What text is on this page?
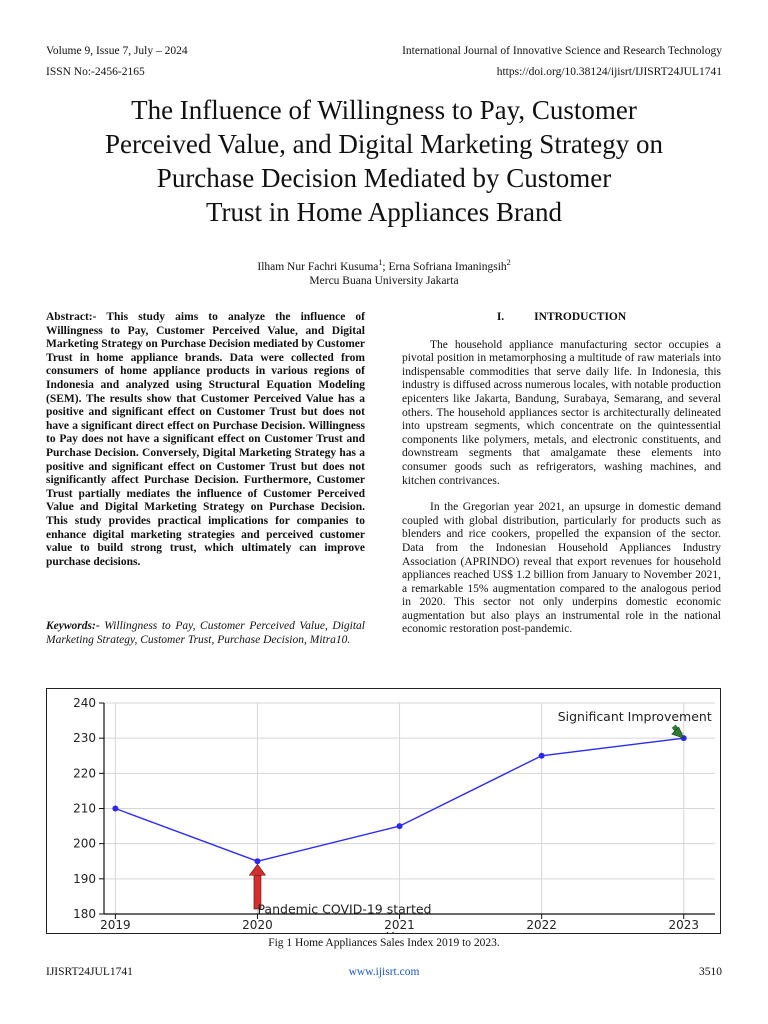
Volume 9, Issue 7, July – 2024	International Journal of Innovative Science and Research Technology
ISSN No:-2456-2165	https://doi.org/10.38124/ijisrt/IJISRT24JUL1741
The Influence of Willingness to Pay, Customer
Perceived Value, and Digital Marketing Strategy on
Purchase Decision Mediated by Customer
Trust in Home Appliances Brand
Ilham Nur Fachri Kusuma$^1$; Erna Sofriana Imaningsih$^2$
Mercu Buana University Jakarta
Abstract:- This study aims to analyze the influence of Willingness to Pay, Customer Perceived Value, and Digital Marketing Strategy on Purchase Decision mediated by Customer Trust in home appliance brands. Data were collected from consumers of home appliance products in various regions of Indonesia and analyzed using Structural Equation Modeling (SEM). The results show that Customer Perceived Value has a positive and significant effect on Customer Trust but does not have a significant direct effect on Purchase Decision. Willingness to Pay does not have a significant effect on Customer Trust and Purchase Decision. Conversely, Digital Marketing Strategy has a positive and significant effect on Customer Trust but does not significantly affect Purchase Decision. Furthermore, Customer Trust partially mediates the influence of Customer Perceived Value and Digital Marketing Strategy on Purchase Decision. This study provides practical implications for companies to enhance digital marketing strategies and perceived customer value to build strong trust, which ultimately can improve purchase decisions.
Keywords:- Willingness to Pay, Customer Perceived Value, Digital Marketing Strategy, Customer Trust, Purchase Decision, Mitra10.
I.	INTRODUCTION

The household appliance manufacturing sector occupies a pivotal position in metamorphosing a multitude of raw materials into indispensable commodities that serve daily life. In Indonesia, this industry is diffused across numerous locales, with notable production epicenters like Jakarta, Bandung, Surabaya, Semarang, and several others. The household appliances sector is architecturally delineated into upstream segments, which concentrate on the quintessential components like polymers, metals, and electronic constituents, and downstream segments that amalgamate these elements into consumer goods such as refrigerators, washing machines, and kitchen contrivances.

In the Gregorian year 2021, an upsurge in domestic demand coupled with global distribution, particularly for products such as blenders and rice cookers, propelled the expansion of the sector. Data from the Indonesian Household Appliances Industry Association (APRINDO) reveal that export revenues for household appliances reached US$ 1.2 billion from January to November 2021, a remarkable 15% augmentation compared to the analogous period in 2020. This sector not only underpins domestic economic augmentation but also plays an instrumental role in the national economic restoration post-pandemic.

180
190
200
210
220
230
240
2019	2020	2021	2022	2023
Significant Improvement
Pandemic COVID-19 started
Fig 1 Home Appliances Sales Index 2019 to 2023.
IJISRT24JUL1741	www.ijisrt.com	3510
